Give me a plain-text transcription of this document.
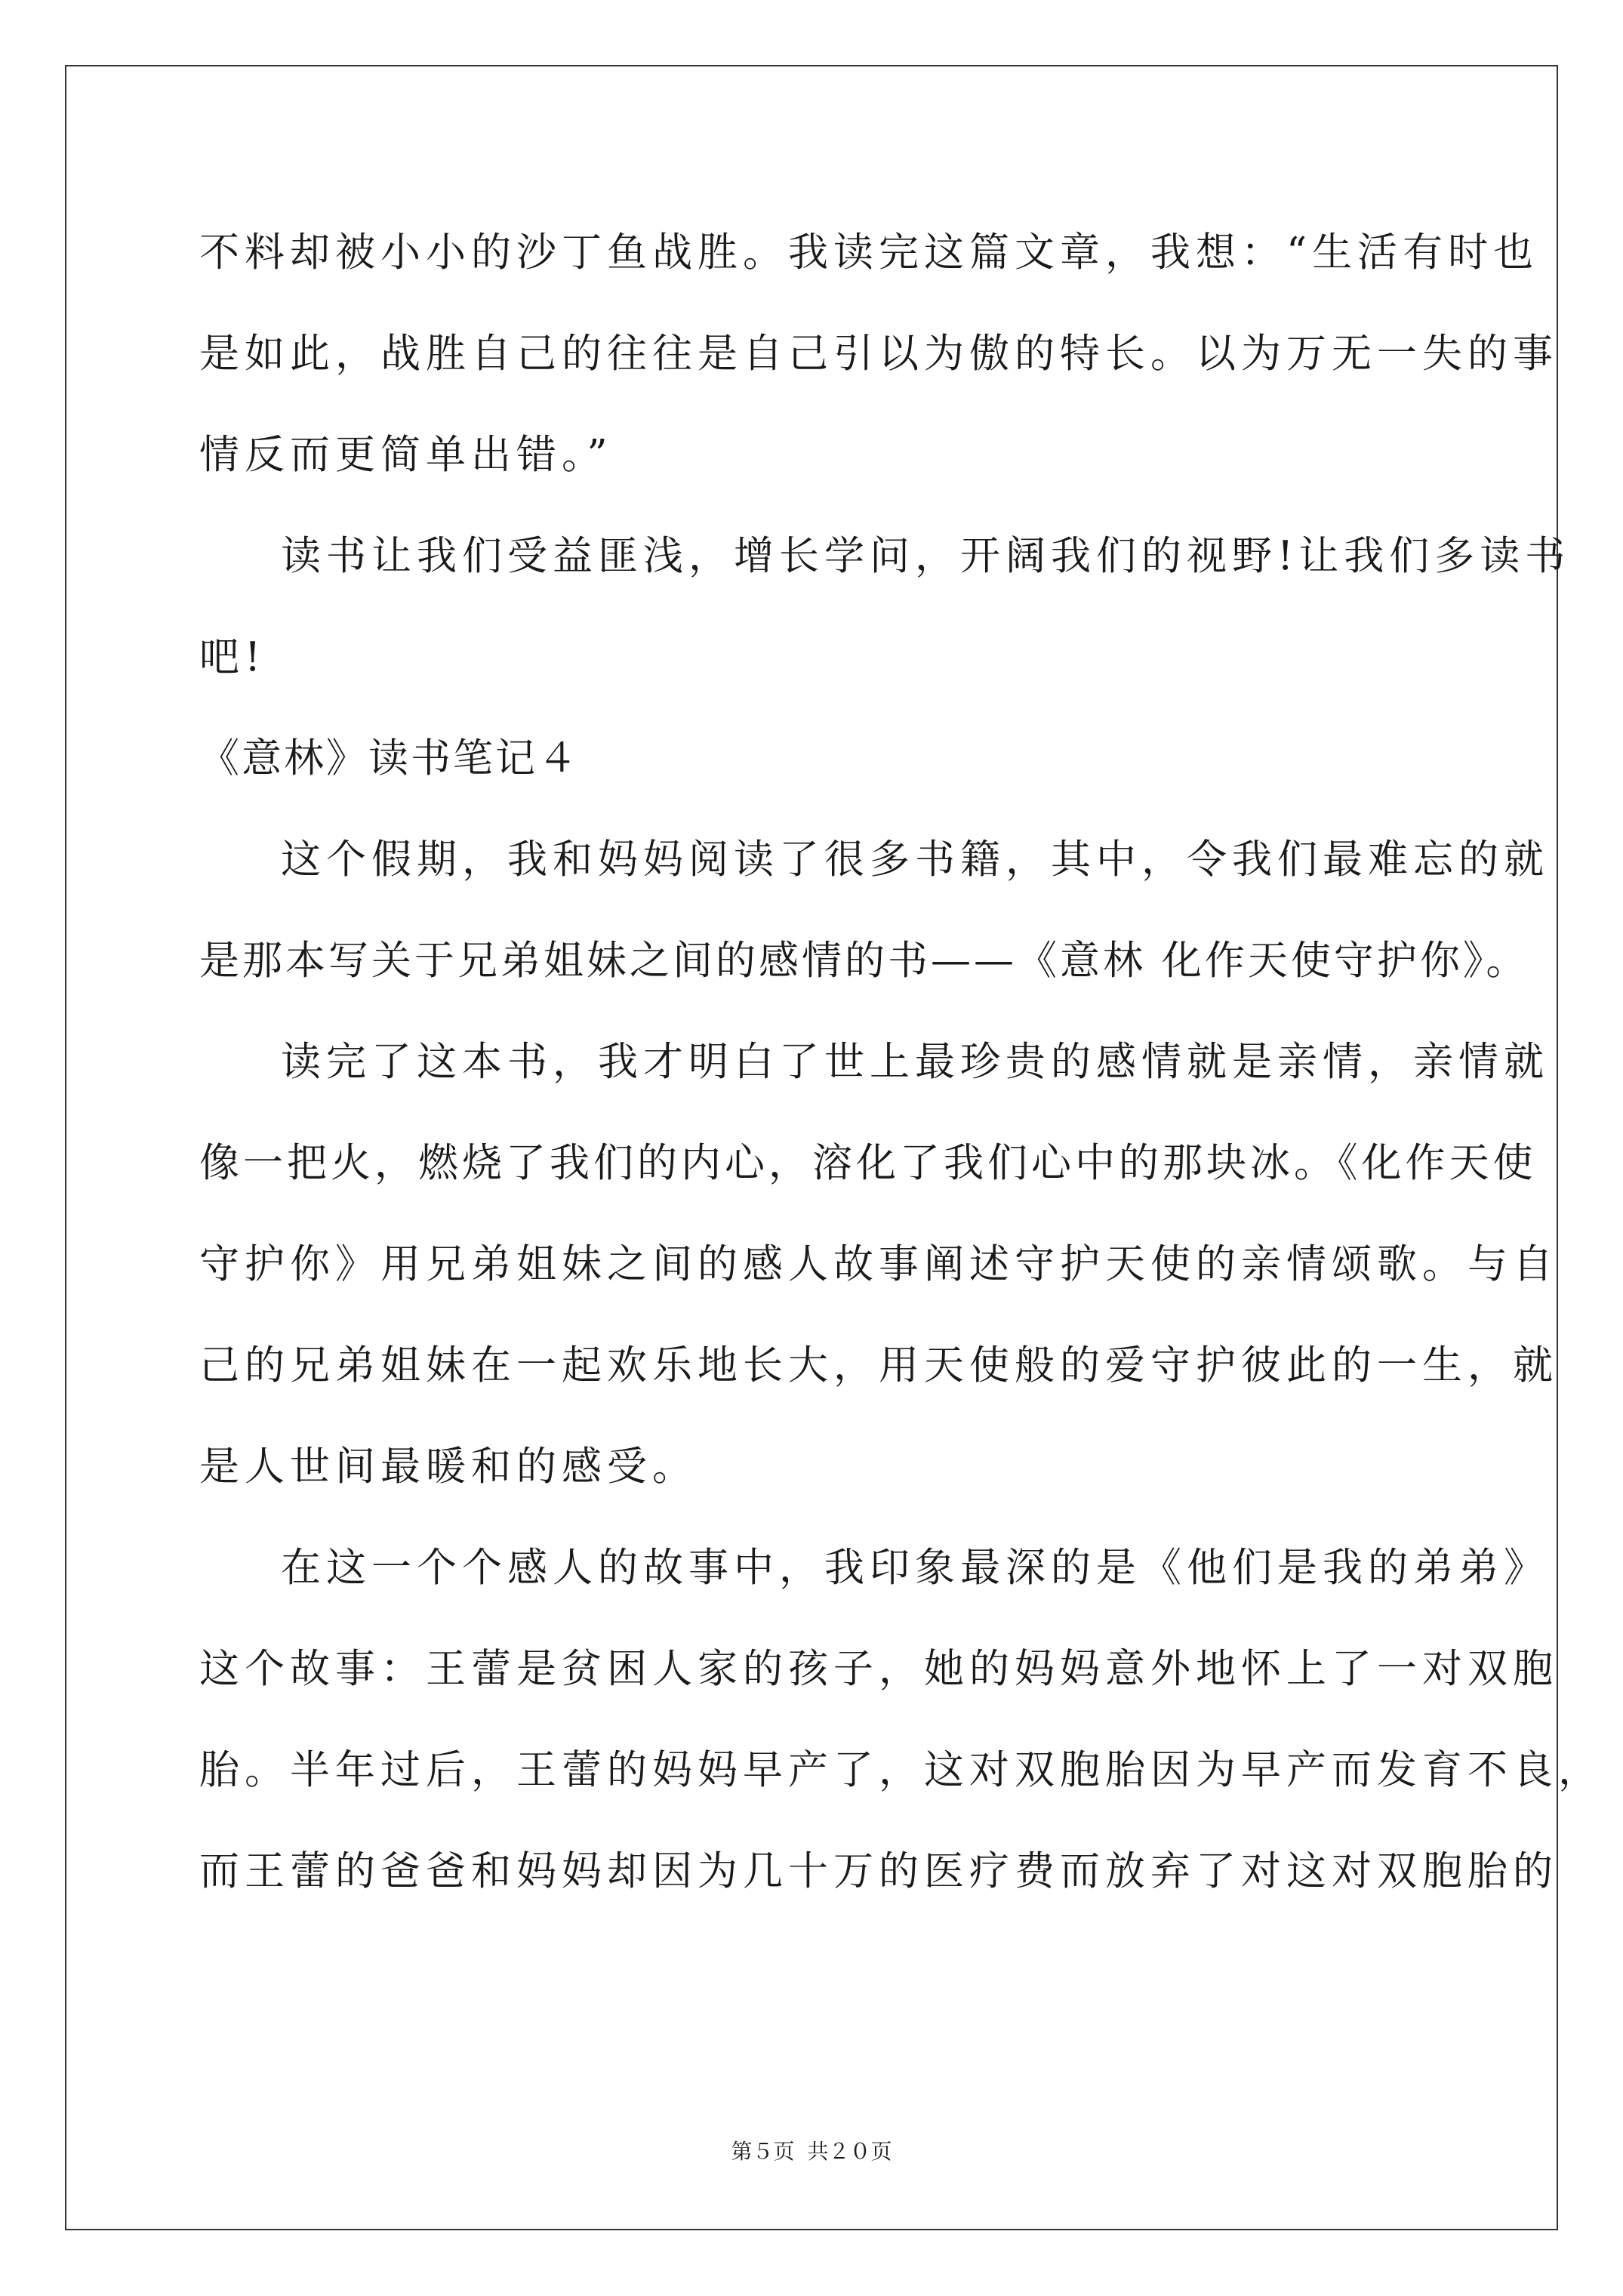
不料却被小小的沙丁鱼战胜。我读完这篇文章，我想：“生活有时也
是如此，战胜自己的往往是自己引以为傲的特长。以为万无一失的事
情反而更简单出错。”
读书让我们受益匪浅，增长学问，开阔我们的视野!让我们多读书
吧!
《意林》读书笔记４
这个假期，我和妈妈阅读了很多书籍，其中，令我们最难忘的就
是那本写关于兄弟姐妹之间的感情的书——《意林 化作天使守护你》。
读完了这本书，我才明白了世上最珍贵的感情就是亲情，亲情就
像一把火，燃烧了我们的内心，溶化了我们心中的那块冰。《化作天使
守护你》用兄弟姐妹之间的感人故事阐述守护天使的亲情颂歌。与自
己的兄弟姐妹在一起欢乐地长大，用天使般的爱守护彼此的一生，就
是人世间最暖和的感受。
在这一个个感人的故事中，我印象最深的是《他们是我的弟弟》
这个故事：王蕾是贫困人家的孩子，她的妈妈意外地怀上了一对双胞
胎。半年过后，王蕾的妈妈早产了，这对双胞胎因为早产而发育不良，
而王蕾的爸爸和妈妈却因为几十万的医疗费而放弃了对这对双胞胎的
第５页 共２０页
